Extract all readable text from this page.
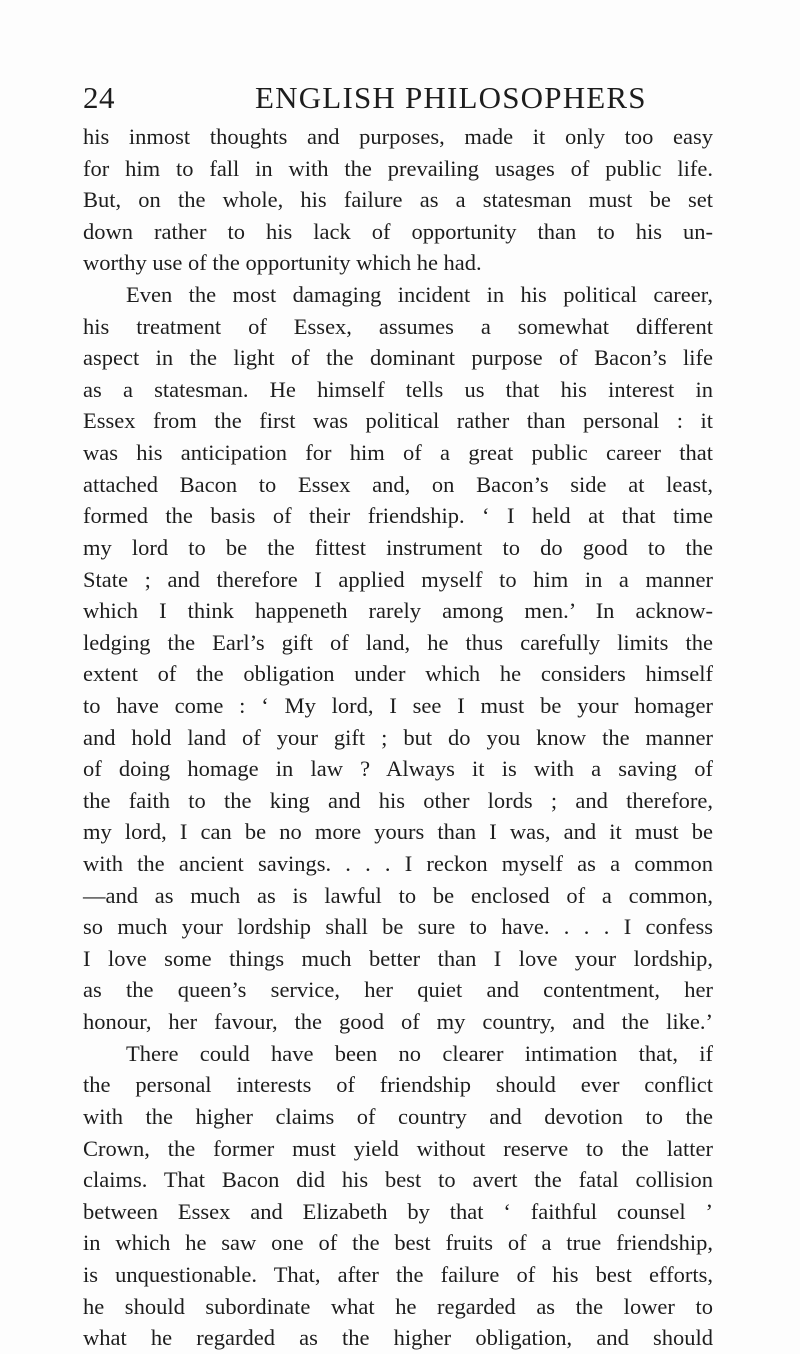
24	ENGLISH PHILOSOPHERS
his inmost thoughts and purposes, made it only too easy
for him to fall in with the prevailing usages of public life.
But, on the whole, his failure as a statesman must be set
down rather to his lack of opportunity than to his un-
worthy use of the opportunity which he had.
Even the most damaging incident in his political career,
his treatment of Essex, assumes a somewhat different
aspect in the light of the dominant purpose of Bacon’s life
as a statesman. He himself tells us that his interest in
Essex from the first was political rather than personal : it
was his anticipation for him of a great public career that
attached Bacon to Essex and, on Bacon’s side at least,
formed the basis of their friendship. ‘ I held at that time
my lord to be the fittest instrument to do good to the
State ; and therefore I applied myself to him in a manner
which I think happeneth rarely among men.’ In acknow-
ledging the Earl’s gift of land, he thus carefully limits the
extent of the obligation under which he considers himself
to have come : ‘ My lord, I see I must be your homager
and hold land of your gift ; but do you know the manner
of doing homage in law ? Always it is with a saving of
the faith to the king and his other lords ; and therefore,
my lord, I can be no more yours than I was, and it must be
with the ancient savings. . . . I reckon myself as a common
—and as much as is lawful to be enclosed of a common,
so much your lordship shall be sure to have. . . . I confess
I love some things much better than I love your lordship,
as the queen’s service, her quiet and contentment, her
honour, her favour, the good of my country, and the like.’
There could have been no clearer intimation that, if
the personal interests of friendship should ever conflict
with the higher claims of country and devotion to the
Crown, the former must yield without reserve to the latter
claims. That Bacon did his best to avert the fatal collision
between Essex and Elizabeth by that ‘ faithful counsel ’
in which he saw one of the best fruits of a true friendship,
is unquestionable. That, after the failure of his best efforts,
he should subordinate what he regarded as the lower to
what he regarded as the higher obligation, and should
